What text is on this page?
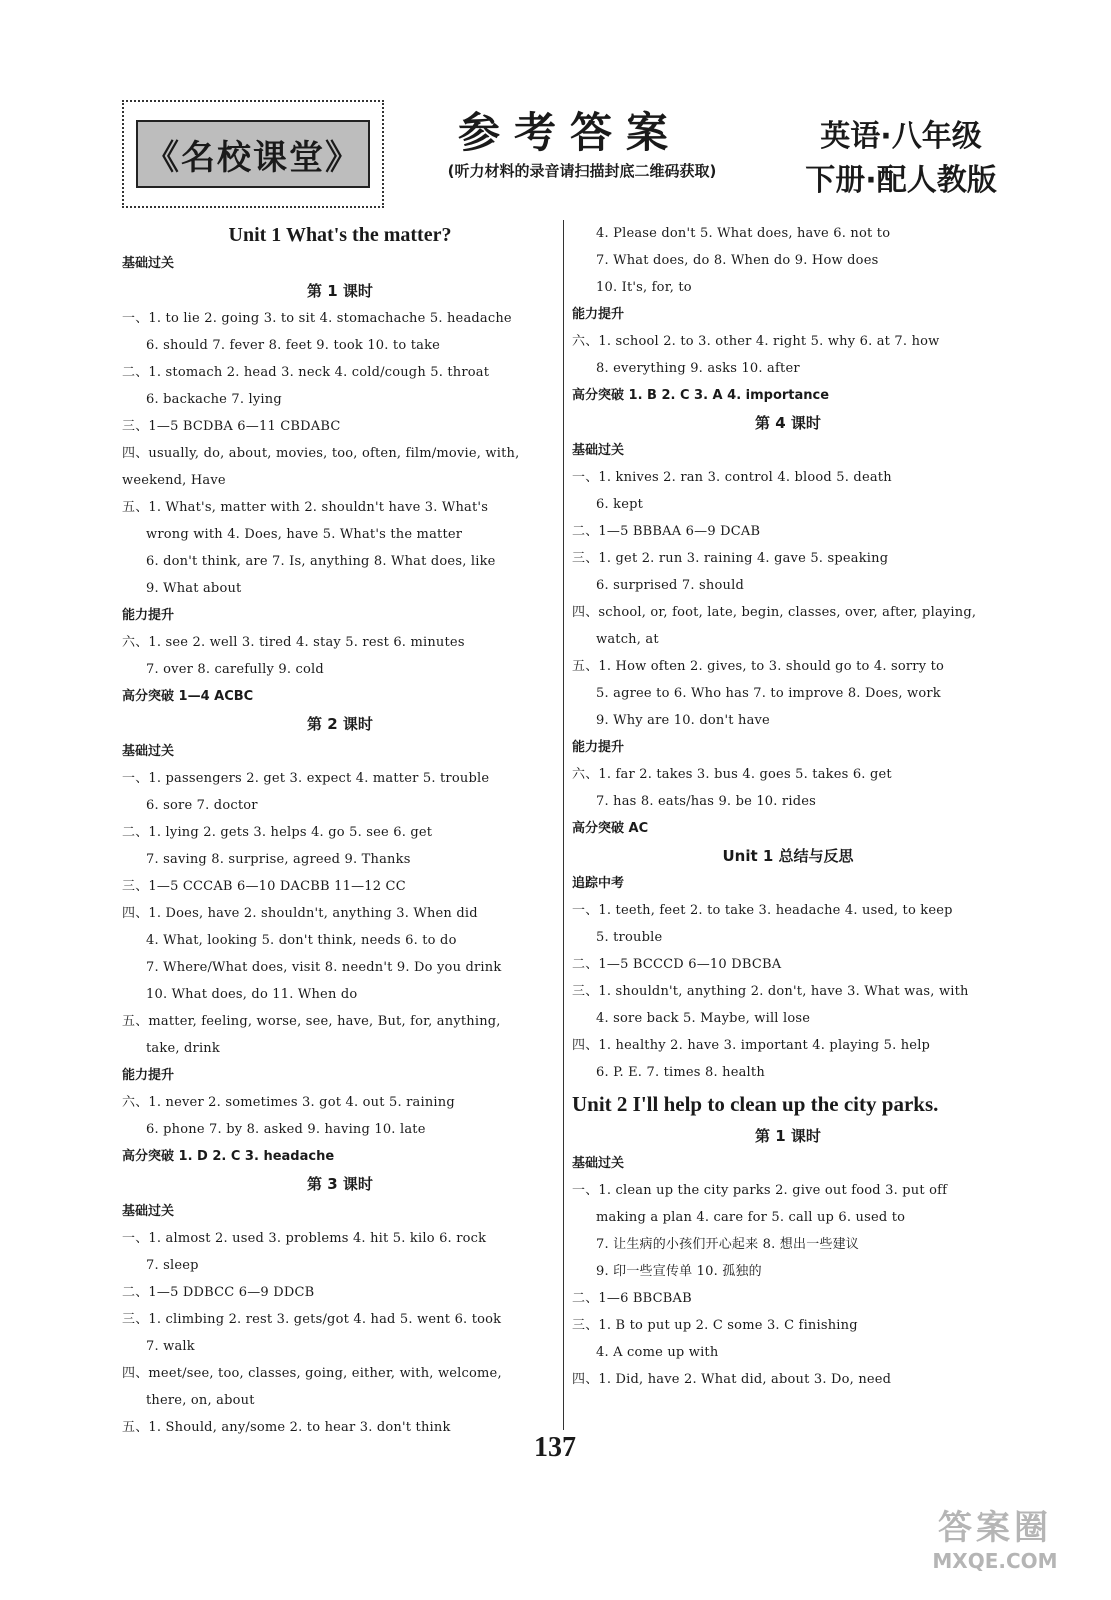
《名校课堂》
参考答案
(听力材料的录音请扫描封底二维码获取)
英语·八年级
下册·配人教版
Unit 1 What's the matter?
基础过关
第 1 课时
一、1. to lie 2. going 3. to sit 4. stomachache 5. headache
6. should 7. fever 8. feet 9. took 10. to take
二、1. stomach 2. head 3. neck 4. cold/cough 5. throat
6. backache 7. lying
三、1—5 BCDBA 6—11 CBDABC
四、usually, do, about, movies, too, often, film/movie, with,
weekend, Have
五、1. What's, matter with 2. shouldn't have 3. What's
wrong with 4. Does, have 5. What's the matter
6. don't think, are 7. Is, anything 8. What does, like
9. What about
能力提升
六、1. see 2. well 3. tired 4. stay 5. rest 6. minutes
7. over 8. carefully 9. cold
高分突破 1—4 ACBC
第 2 课时
基础过关
一、1. passengers 2. get 3. expect 4. matter 5. trouble
6. sore 7. doctor
二、1. lying 2. gets 3. helps 4. go 5. see 6. get
7. saving 8. surprise, agreed 9. Thanks
三、1—5 CCCAB 6—10 DACBB 11—12 CC
四、1. Does, have 2. shouldn't, anything 3. When did
4. What, looking 5. don't think, needs 6. to do
7. Where/What does, visit 8. needn't 9. Do you drink
10. What does, do 11. When do
五、matter, feeling, worse, see, have, But, for, anything,
take, drink
能力提升
六、1. never 2. sometimes 3. got 4. out 5. raining
6. phone 7. by 8. asked 9. having 10. late
高分突破 1. D 2. C 3. headache
第 3 课时
基础过关
一、1. almost 2. used 3. problems 4. hit 5. kilo 6. rock
7. sleep
二、1—5 DDBCC 6—9 DDCB
三、1. climbing 2. rest 3. gets/got 4. had 5. went 6. took
7. walk
四、meet/see, too, classes, going, either, with, welcome,
there, on, about
五、1. Should, any/some 2. to hear 3. don't think
4. Please don't 5. What does, have 6. not to
7. What does, do 8. When do 9. How does
10. It's, for, to
能力提升
六、1. school 2. to 3. other 4. right 5. why 6. at 7. how
8. everything 9. asks 10. after
高分突破 1. B 2. C 3. A 4. importance
第 4 课时
基础过关
一、1. knives 2. ran 3. control 4. blood 5. death
6. kept
二、1—5 BBBAA 6—9 DCAB
三、1. get 2. run 3. raining 4. gave 5. speaking
6. surprised 7. should
四、school, or, foot, late, begin, classes, over, after, playing,
watch, at
五、1. How often 2. gives, to 3. should go to 4. sorry to
5. agree to 6. Who has 7. to improve 8. Does, work
9. Why are 10. don't have
能力提升
六、1. far 2. takes 3. bus 4. goes 5. takes 6. get
7. has 8. eats/has 9. be 10. rides
高分突破 AC
Unit 1 总结与反思
追踪中考
一、1. teeth, feet 2. to take 3. headache 4. used, to keep
5. trouble
二、1—5 BCCCD 6—10 DBCBA
三、1. shouldn't, anything 2. don't, have 3. What was, with
4. sore back 5. Maybe, will lose
四、1. healthy 2. have 3. important 4. playing 5. help
6. P. E. 7. times 8. health
Unit 2 I'll help to clean up the city parks.
第 1 课时
基础过关
一、1. clean up the city parks 2. give out food 3. put off
making a plan 4. care for 5. call up 6. used to
7. 让生病的小孩们开心起来 8. 想出一些建议
9. 印一些宣传单 10. 孤独的
二、1—6 BBCBAB
三、1. B to put up 2. C some 3. C finishing
4. A come up with
四、1. Did, have 2. What did, about 3. Do, need
137
答案圈
MXQE.COM
